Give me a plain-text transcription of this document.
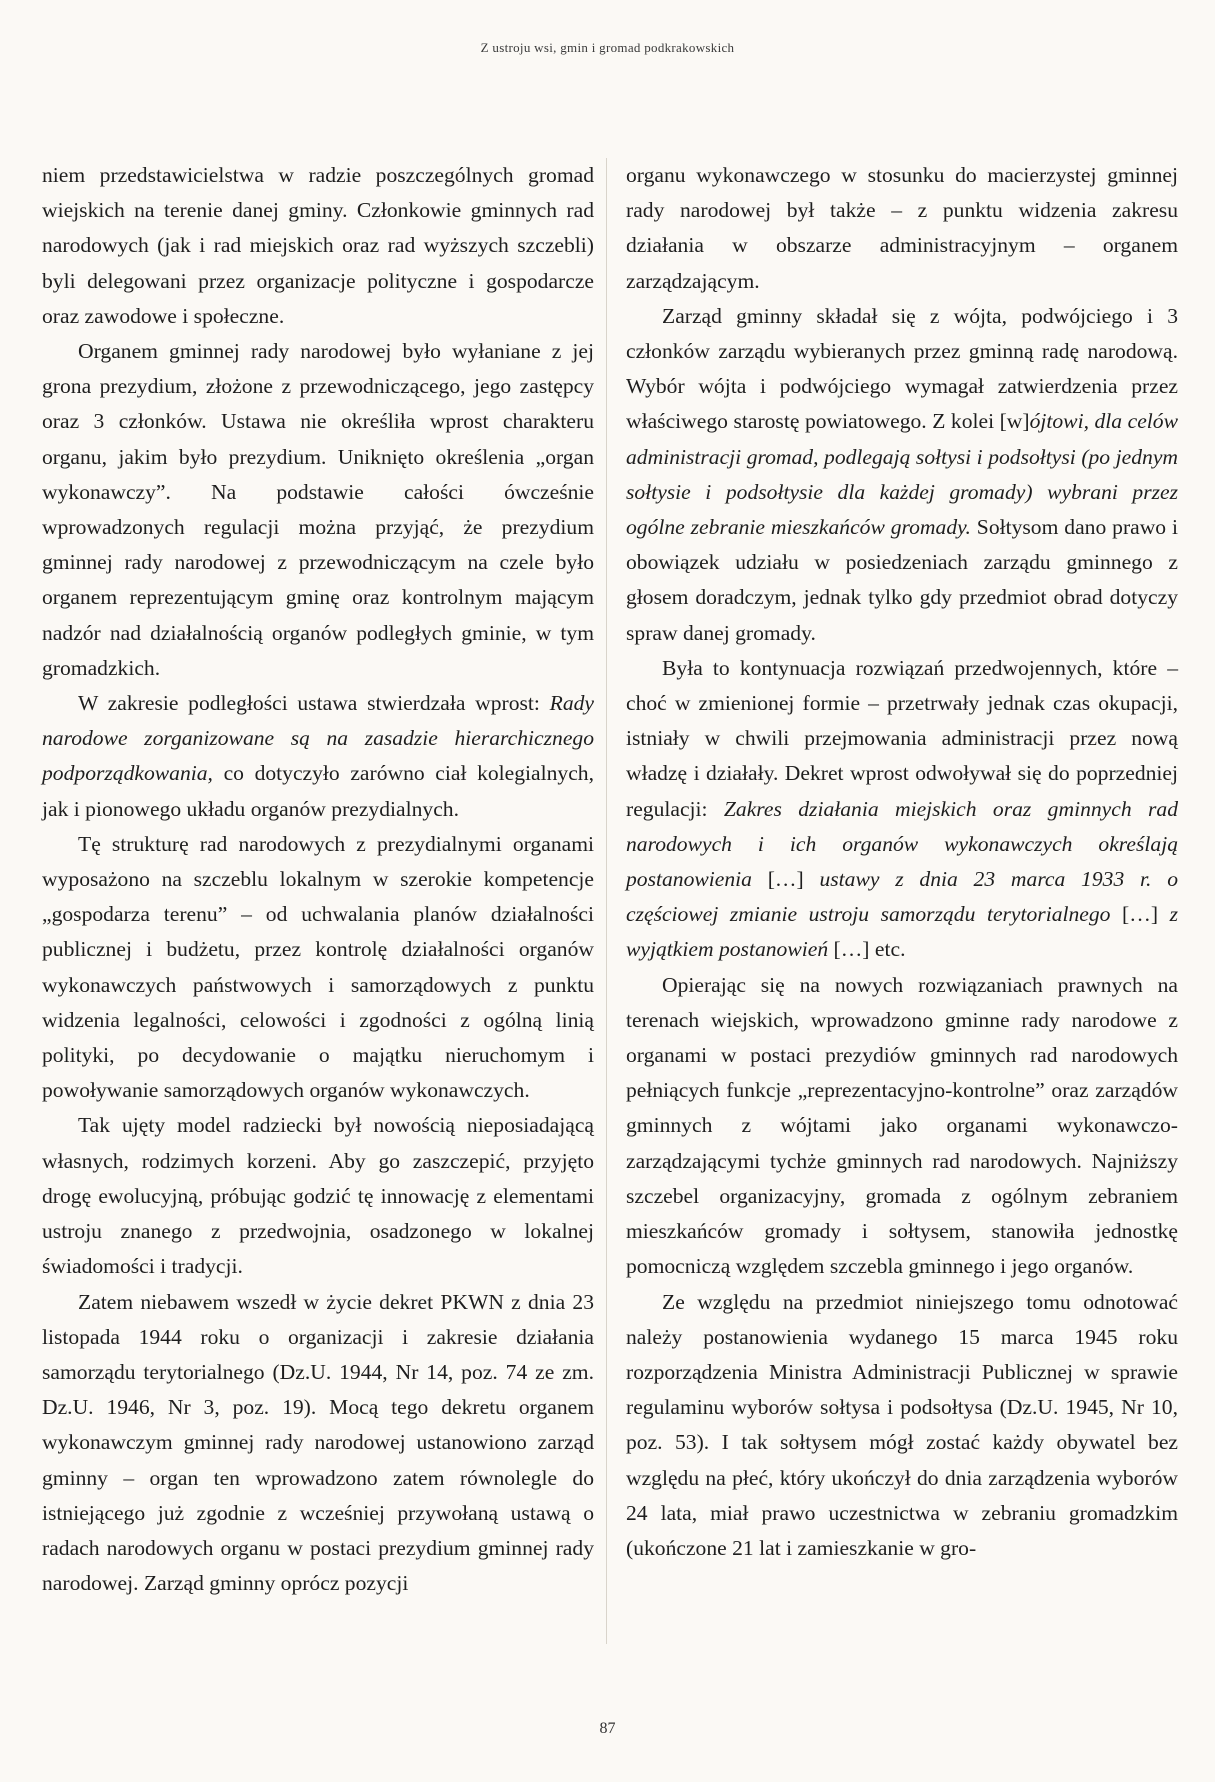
Z ustroju wsi, gmin i gromad podkrakowskich

niem przedstawicielstwa w radzie poszczególnych gromad wiejskich na terenie danej gminy. Członkowie gminnych rad narodowych (jak i rad miejskich oraz rad wyższych szczebli) byli delegowani przez organizacje polityczne i gospodarcze oraz zawodowe i społeczne.

Organem gminnej rady narodowej było wyłaniane z jej grona prezydium, złożone z przewodniczącego, jego zastępcy oraz 3 członków. Ustawa nie określiła wprost charakteru organu, jakim było prezydium. Uniknięto określenia „organ wykonawczy”. Na podstawie całości ówcześnie wprowadzonych regulacji można przyjąć, że prezydium gminnej rady narodowej z przewodniczącym na czele było organem reprezentującym gminę oraz kontrolnym mającym nadzór nad działalnością organów podległych gminie, w tym gromadzkich.

W zakresie podległości ustawa stwierdzała wprost: Rady narodowe zorganizowane są na zasadzie hierarchicznego podporządkowania, co dotyczyło zarówno ciał kolegialnych, jak i pionowego układu organów prezydialnych.

Tę strukturę rad narodowych z prezydialnymi organami wyposażono na szczeblu lokalnym w szerokie kompetencje „gospodarza terenu” – od uchwalania planów działalności publicznej i budżetu, przez kontrolę działalności organów wykonawczych państwowych i samorządowych z punktu widzenia legalności, celowości i zgodności z ogólną linią polityki, po decydowanie o majątku nieruchomym i powoływanie samorządowych organów wykonawczych.

Tak ujęty model radziecki był nowością nieposiadającą własnych, rodzimych korzeni. Aby go zaszczepić, przyjęto drogę ewolucyjną, próbując godzić tę innowację z elementami ustroju znanego z przedwojnia, osadzonego w lokalnej świadomości i tradycji.

Zatem niebawem wszedł w życie dekret PKWN z dnia 23 listopada 1944 roku o organizacji i zakresie działania samorządu terytorialnego (Dz.U. 1944, Nr 14, poz. 74 ze zm. Dz.U. 1946, Nr 3, poz. 19). Mocą tego dekretu organem wykonawczym gminnej rady narodowej ustanowiono zarząd gminny – organ ten wprowadzono zatem równolegle do istniejącego już zgodnie z wcześniej przywołaną ustawą o radach narodowych organu w postaci prezydium gminnej rady narodowej. Zarząd gminny oprócz pozycji

organu wykonawczego w stosunku do macierzystej gminnej rady narodowej był także – z punktu widzenia zakresu działania w obszarze administracyjnym – organem zarządzającym.

Zarząd gminny składał się z wójta, podwójciego i 3 członków zarządu wybieranych przez gminną radę narodową. Wybór wójta i podwójciego wymagał zatwierdzenia przez właściwego starostę powiatowego. Z kolei [w]ójtowi, dla celów administracji gromad, podlegają sołtysi i podsołtysi (po jednym sołtysie i podsołtysie dla każdej gromady) wybrani przez ogólne zebranie mieszkańców gromady. Sołtysom dano prawo i obowiązek udziału w posiedzeniach zarządu gminnego z głosem doradczym, jednak tylko gdy przedmiot obrad dotyczy spraw danej gromady.

Była to kontynuacja rozwiązań przedwojennych, które – choć w zmienionej formie – przetrwały jednak czas okupacji, istniały w chwili przejmowania administracji przez nową władzę i działały. Dekret wprost odwoływał się do poprzedniej regulacji: Zakres działania miejskich oraz gminnych rad narodowych i ich organów wykonawczych określają postanowienia […] ustawy z dnia 23 marca 1933 r. o częściowej zmianie ustroju samorządu terytorialnego […] z wyjątkiem postanowień […] etc.

Opierając się na nowych rozwiązaniach prawnych na terenach wiejskich, wprowadzono gminne rady narodowe z organami w postaci prezydiów gminnych rad narodowych pełniących funkcje „reprezentacyjno-kontrolne” oraz zarządów gminnych z wójtami jako organami wykonawczo-zarządzającymi tychże gminnych rad narodowych. Najniższy szczebel organizacyjny, gromada z ogólnym zebraniem mieszkańców gromady i sołtysem, stanowiła jednostkę pomocniczą względem szczebla gminnego i jego organów.

Ze względu na przedmiot niniejszego tomu odnotować należy postanowienia wydanego 15 marca 1945 roku rozporządzenia Ministra Administracji Publicznej w sprawie regulaminu wyborów sołtysa i podsołtysa (Dz.U. 1945, Nr 10, poz. 53). I tak sołtysem mógł zostać każdy obywatel bez względu na płeć, który ukończył do dnia zarządzenia wyborów 24 lata, miał prawo uczestnictwa w zebraniu gromadzkim (ukończone 21 lat i zamieszkanie w gro-

87
